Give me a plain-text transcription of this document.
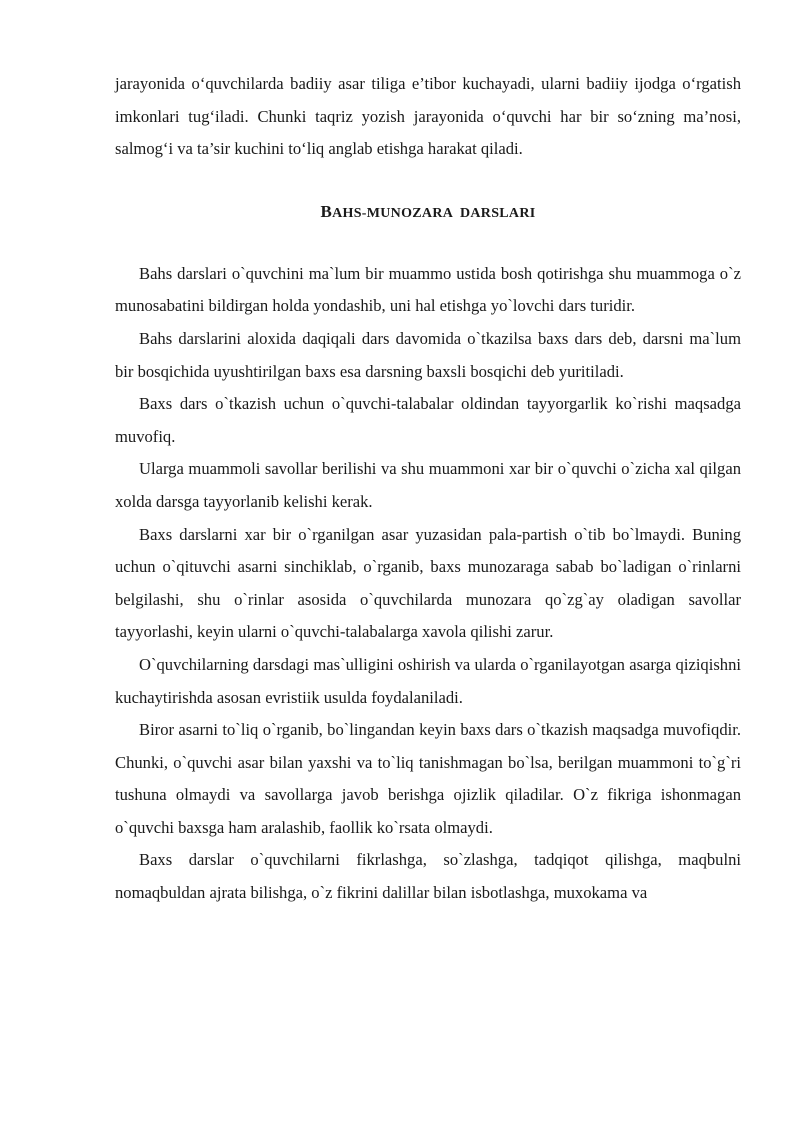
jarayonida o‘quvchilarda badiiy asar tiliga e’tibor kuchayadi, ularni badiiy ijodga o‘rgatish imkonlari tug‘iladi. Chunki taqriz yozish jarayonida o‘quvchi har bir so‘zning ma’nosi, salmog‘i va ta’sir kuchini to‘liq anglab etishga harakat qiladi.

BAHS-MUNOZARA  DARSLARI

Bahs darslari o`quvchini ma`lum bir muammo ustida bosh qotirishga shu muammoga o`z munosabatini bildirgan holda yondashib, uni hal etishga yo`lovchi dars turidir.

Bahs darslarini aloxida daqiqali dars davomida o`tkazilsa baxs dars deb, darsni ma`lum bir bosqichida uyushtirilgan baxs esa darsning baxsli bosqichi deb yuritiladi.

Baxs dars o`tkazish uchun o`quvchi-talabalar oldindan tayyorgarlik ko`rishi maqsadga muvofiq.

Ularga muammoli savollar berilishi va shu muammoni xar bir o`quvchi o`zicha xal qilgan xolda darsga tayyorlanib kelishi kerak.

Baxs darslarni xar bir o`rganilgan asar yuzasidan pala-partish o`tib bo`lmaydi. Buning uchun o`qituvchi asarni sinchiklab, o`rganib, baxs munozaraga sabab bo`ladigan o`rinlarni belgilashi, shu o`rinlar asosida o`quvchilarda munozara qo`zg`ay oladigan savollar tayyorlashi, keyin ularni o`quvchi-talabalarga xavola qilishi zarur.

O`quvchilarning darsdagi mas`ulligini oshirish va ularda o`rganilayotgan asarga qiziqishni kuchaytirishda asosan evristiik usulda foydalaniladi.

Biror asarni to`liq o`rganib, bo`lingandan keyin baxs dars o`tkazish maqsadga muvofiqdir. Chunki, o`quvchi asar bilan yaxshi va to`liq tanishmagan bo`lsa, berilgan muammoni to`g`ri tushuna olmaydi va savollarga javob berishga ojizlik qiladilar. O`z fikriga ishonmagan o`quvchi baxsga ham aralashib, faollik ko`rsata olmaydi.

Baxs darslar o`quvchilarni fikrlashga, so`zlashga, tadqiqot qilishga, maqbulni nomaqbuldan ajrata bilishga, o`z fikrini dalillar bilan isbotlashga, muxokama va
